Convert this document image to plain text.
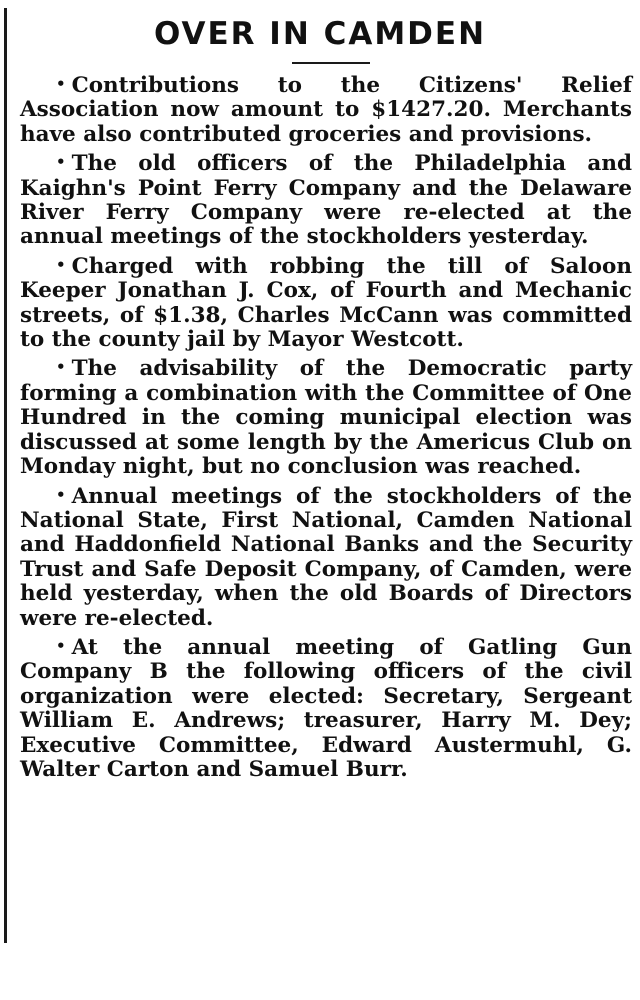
OVER IN CAMDEN

• Contributions to the Citizens' Relief Association now amount to $1427.20. Merchants have also contributed groceries and provisions.

• The old officers of the Philadelphia and Kaighn's Point Ferry Company and the Delaware River Ferry Company were re-elected at the annual meetings of the stockholders yesterday.

• Charged with robbing the till of Saloon Keeper Jonathan J. Cox, of Fourth and Mechanic streets, of $1.38, Charles McCann was committed to the county jail by Mayor Westcott.

• The advisability of the Democratic party forming a combination with the Committee of One Hundred in the coming municipal election was discussed at some length by the Americus Club on Monday night, but no conclusion was reached.

• Annual meetings of the stockholders of the National State, First National, Camden National and Haddonfield National Banks and the Security Trust and Safe Deposit Company, of Camden, were held yesterday, when the old Boards of Directors were re-elected.

• At the annual meeting of Gatling Gun Company B the following officers of the civil organization were elected: Secretary, Sergeant William E. Andrews; treasurer, Harry M. Dey; Executive Committee, Edward Austermuhl, G. Walter Carton and Samuel Burr.
